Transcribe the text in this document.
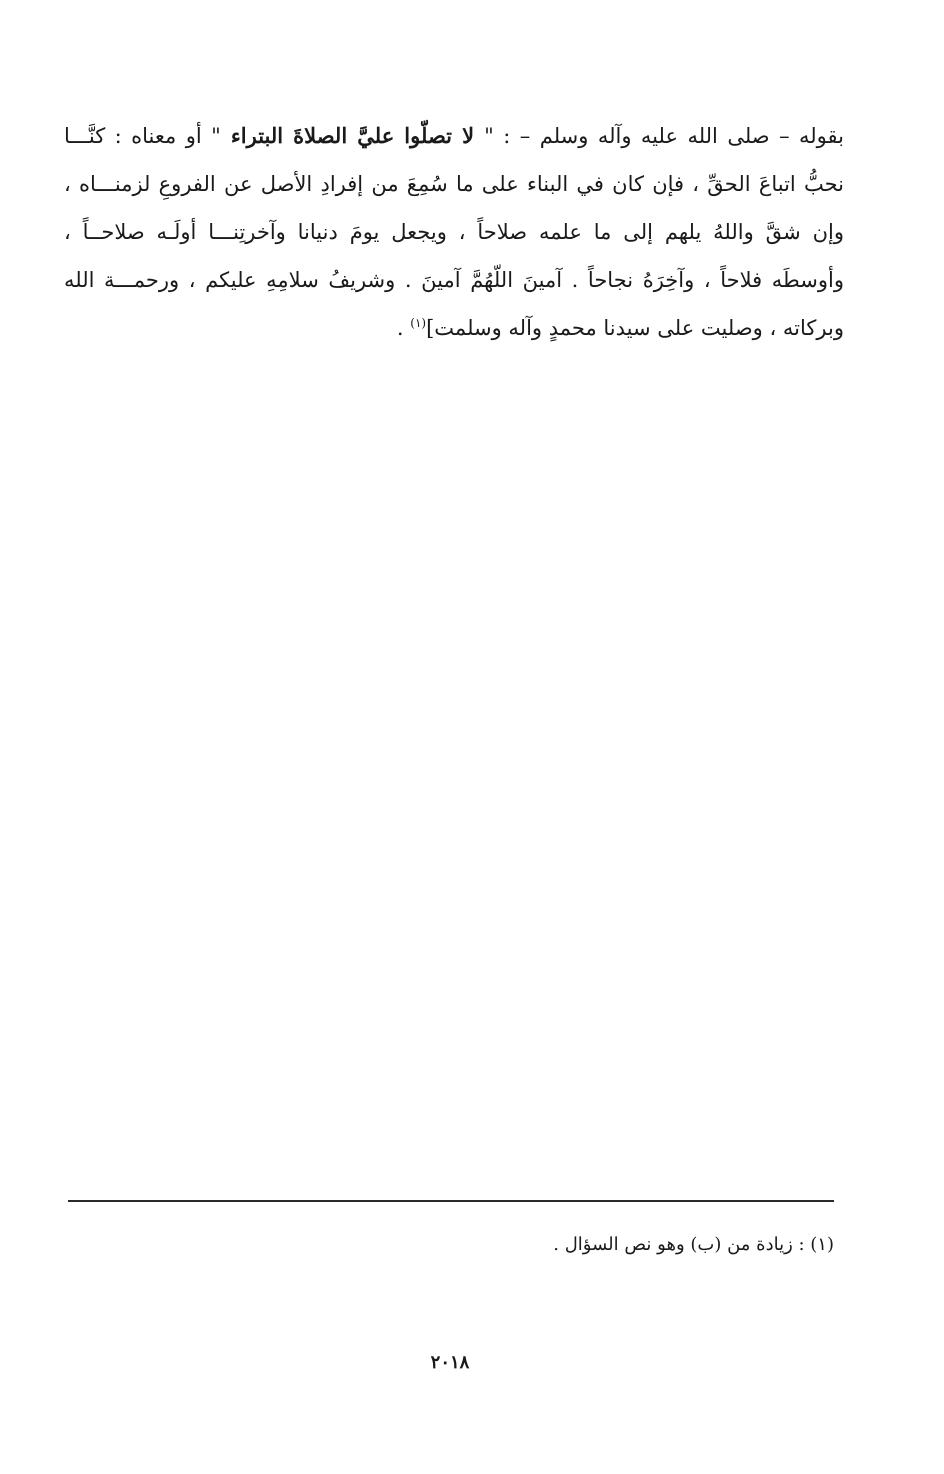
بقوله – صلى الله عليه وآله وسلم – : " لا تصلّوا عليَّ الصلاةَ البتراء " أو معناه : كنَّـــا
نحبُّ اتباعَ الحقِّ ، فإن كان في البناء على ما سُمِعَ من إفرادِ الأصل عن الفروعِ لزمنـــاه ،
وإن شقَّ واللهُ يلهم إلى ما علمه صلاحاً ، ويجعل يومَ دنيانا وآخرتِنـــا أولَـه صلاحــاً ،
وأوسطَه فلاحاً ، وآخِرَهُ نجاحاً . آمينَ اللّهُمَّ آمينَ . وشريفُ سلامِهِ عليكم ، ورحمـــة الله
وبركاته ، وصليت على سيدنا محمدٍ وآله وسلمت]$^{(١)}$ .
(١) : زيادة من (ب) وهو نص السؤال .
٢٠١٨
